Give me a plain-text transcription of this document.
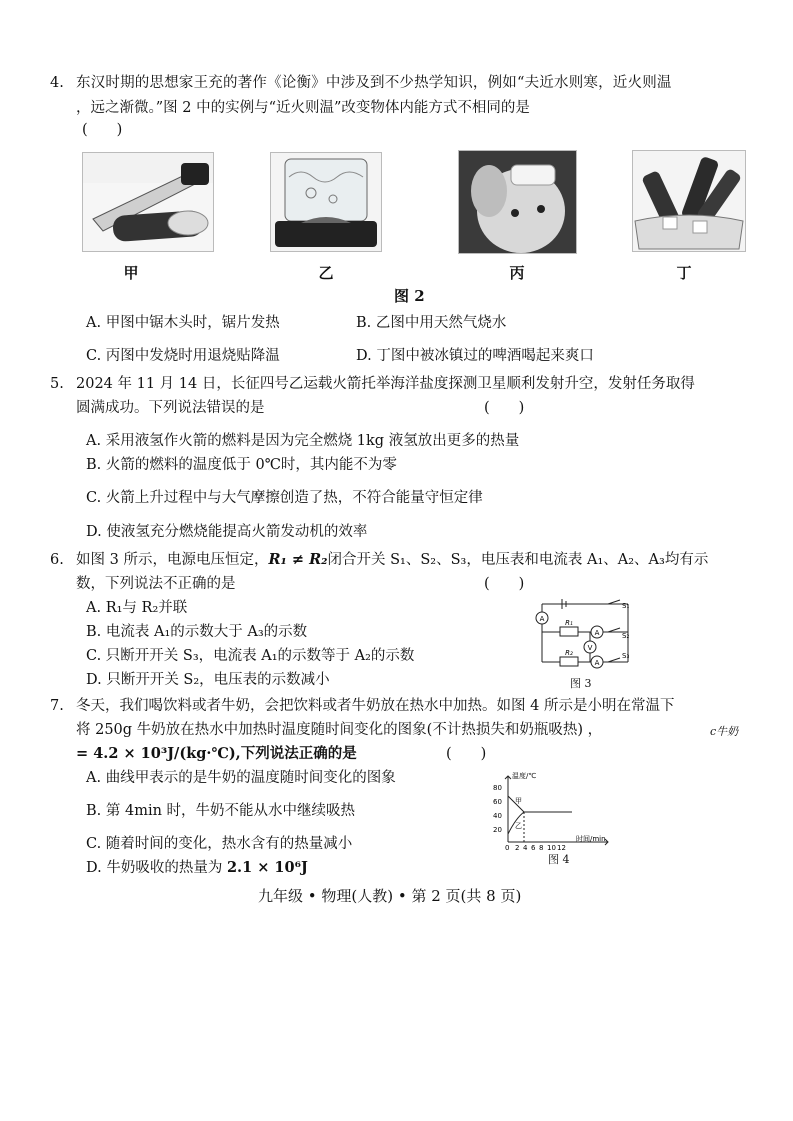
4. 东汉时期的思想家王充的著作《论衡》中涉及到不少热学知识，例如“夫近水则寒，近火则温
，远之渐微。”图 2 中的实例与“近火则温”改变物体内能方式不相同的是
(　　)
甲	乙	丙	丁
图 2
A. 甲图中锯木头时，锯片发热	B. 乙图中用天然气烧水
C. 丙图中发烧时用退烧贴降温	D. 丁图中被冰镇过的啤酒喝起来爽口
5. 2024 年 11 月 14 日，长征四号乙运载火箭托举海洋盐度探测卫星顺利发射升空，发射任务取得
圆满成功。下列说法错误的是	(　　)
A. 采用液氢作火箭的燃料是因为完全燃烧 1kg 液氢放出更多的热量
B. 火箭的燃料的温度低于 0℃时，其内能不为零
C. 火箭上升过程中与大气摩擦创造了热，不符合能量守恒定律
D. 使液氢充分燃烧能提高火箭发动机的效率
6. 如图 3 所示，电源电压恒定，R₁ ≠ R₂闭合开关 S₁、S₂、S₃，电压表和电流表 A₁、A₂、A₃均有示
数，下列说法不正确的是	(　　)
A. R₁与 R₂并联
B. 电流表 A₁的示数大于 A₃的示数
C. 只断开开关 S₃，电流表 A₁的示数等于 A₂的示数
D. 只断开开关 S₂，电压表的示数减小
A
A
V
A
R₁
R₂
S₁
S₂
S₃
图 3
7. 冬天，我们喝饮料或者牛奶，会把饮料或者牛奶放在热水中加热。如图 4 所示是小明在常温下
将 250g 牛奶放在热水中加热时温度随时间变化的图象(不计热损失和奶瓶吸热) ，	c牛奶
= 4.2 × 10³J/(kg·℃),下列说法正确的是	(　　)
A. 曲线甲表示的是牛奶的温度随时间变化的图象
B. 第 4min 时，牛奶不能从水中继续吸热
C. 随着时间的变化，热水含有的热量减小
D. 牛奶吸收的热量为 2.1 × 10⁶J
温度/℃
时间/min
80
60
40
20
0 2 4 6 8 10 12
甲
乙
图 4
九年级 • 物理(人教) • 第 2 页(共 8 页)
